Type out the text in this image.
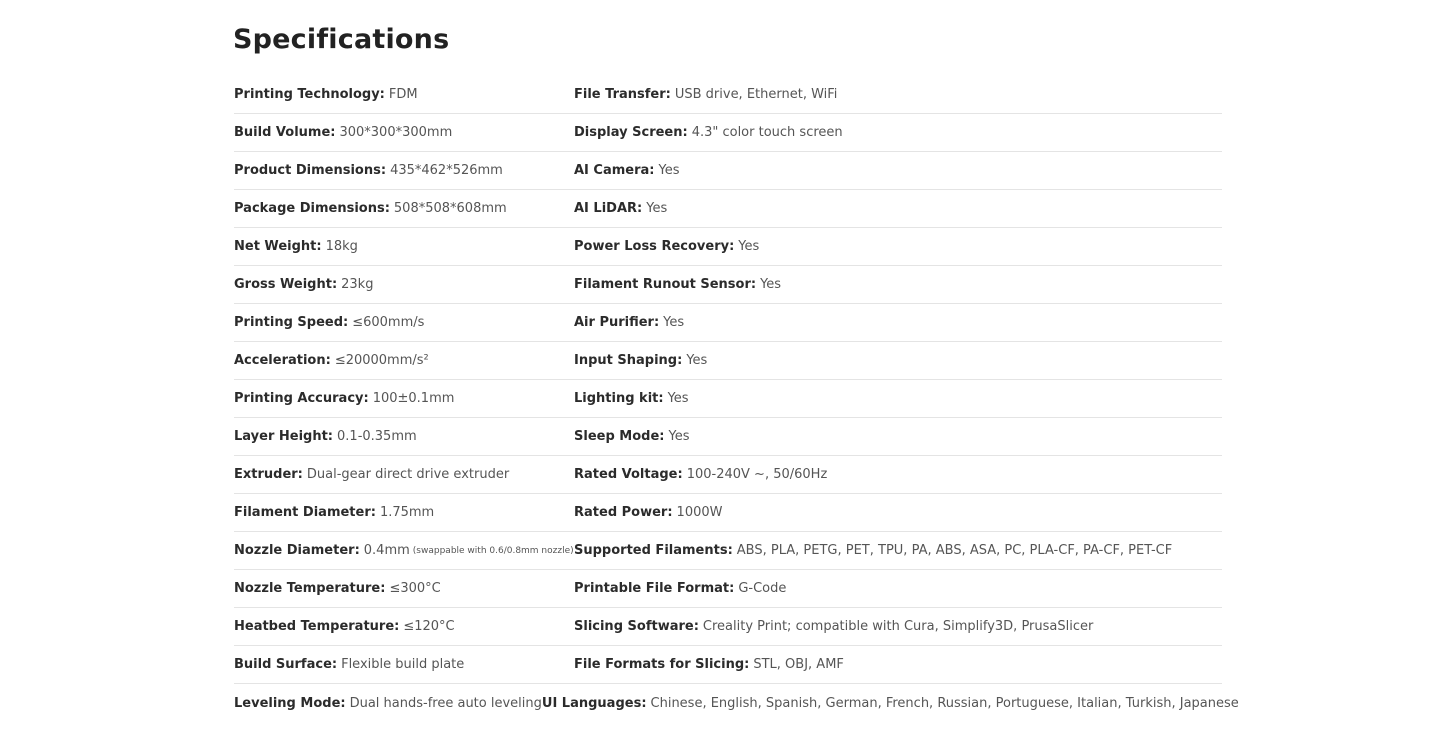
Specifications
Printing Technology: FDM	File Transfer: USB drive, Ethernet, WiFi
Build Volume: 300*300*300mm	Display Screen: 4.3" color touch screen
Product Dimensions: 435*462*526mm	AI Camera: Yes
Package Dimensions: 508*508*608mm	AI LiDAR: Yes
Net Weight: 18kg	Power Loss Recovery: Yes
Gross Weight: 23kg	Filament Runout Sensor: Yes
Printing Speed: ≤600mm/s	Air Purifier: Yes
Acceleration: ≤20000mm/s²	Input Shaping: Yes
Printing Accuracy: 100±0.1mm	Lighting kit: Yes
Layer Height: 0.1-0.35mm	Sleep Mode: Yes
Extruder: Dual-gear direct drive extruder	Rated Voltage: 100-240V ~, 50/60Hz
Filament Diameter: 1.75mm	Rated Power: 1000W
Nozzle Diameter: 0.4mm (swappable with 0.6/0.8mm nozzle) Supported Filaments: ABS, PLA, PETG, PET, TPU, PA, ABS, ASA, PC, PLA-CF, PA-CF, PET-CF
Nozzle Temperature: ≤300°C	Printable File Format: G-Code
Heatbed Temperature: ≤120°C	Slicing Software: Creality Print; compatible with Cura, Simplify3D, PrusaSlicer
Build Surface: Flexible build plate	File Formats for Slicing: STL, OBJ, AMF
Leveling Mode: Dual hands-free auto leveling UI Languages: Chinese, English, Spanish, German, French, Russian, Portuguese, Italian, Turkish, Japanese
